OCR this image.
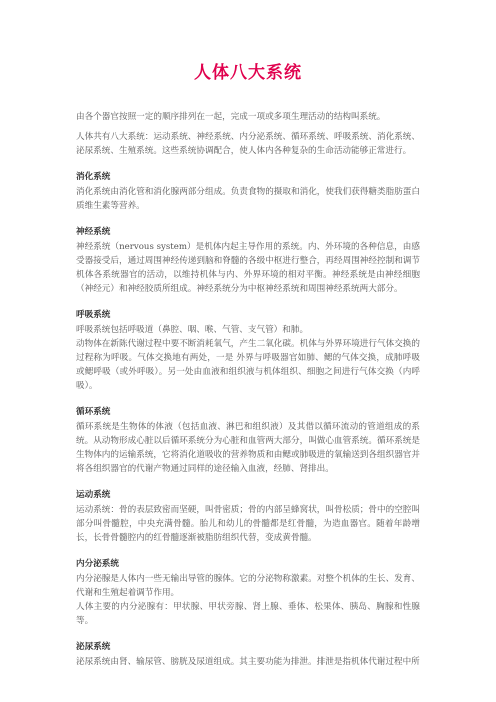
人体八大系统

由各个器官按照一定的顺序排列在一起，完成一项或多项生理活动的结构叫系统。

人体共有八大系统：运动系统、神经系统、内分泌系统、循环系统、呼吸系统、消化系统、泌尿系统、生殖系统。这些系统协调配合，使人体内各种复杂的生命活动能够正常进行。

消化系统

消化系统由消化管和消化腺两部分组成。负责食物的摄取和消化，使我们获得糖类脂肪蛋白质维生素等营养。

神经系统

神经系统（nervous system）是机体内起主导作用的系统。内、外环境的各种信息，由感受器接受后，通过周围神经传递到脑和脊髓的各级中枢进行整合，再经周围神经控制和调节机体各系统器官的活动，以维持机体与内、外界环境的相对平衡。神经系统是由神经细胞（神经元）和神经胶质所组成。神经系统分为中枢神经系统和周围神经系统两大部分。

呼吸系统

呼吸系统包括呼吸道（鼻腔、咽、喉、气管、支气管）和肺。

动物体在新陈代谢过程中要不断消耗氧气，产生二氧化碳。机体与外界环境进行气体交换的过程称为呼吸。气体交换地有两处，一是 外界与呼吸器官如肺、鳃的气体交换，成肺呼吸或鳃呼吸（或外呼吸）。另一处由血液和组织液与机体组织、细胞之间进行气体交换（内呼吸）。

循环系统

循环系统是生物体的体液（包括血液、淋巴和组织液）及其借以循环流动的管道组成的系统。从动物形成心脏以后循环系统分为心脏和血管两大部分，叫做心血管系统。循环系统是生物体内的运输系统，它将消化道吸收的营养物质和由鳃或肺吸进的氧输送到各组织器官并将各组织器官的代谢产物通过同样的途径输入血液，经肺、肾排出。

运动系统

运动系统：骨的表层致密而坚硬，叫骨密质；骨的内部呈蜂窝状，叫骨松质；骨中的空腔叫部分叫骨髓腔，中央充满骨髓。胎儿和幼儿的骨髓都是红骨髓，为造血器官。随着年龄增长，长骨骨髓腔内的红骨髓逐渐被脂肪组织代替，变成黄骨髓。

内分泌系统

内分泌腺是人体内一些无输出导管的腺体。它的分泌物称激素。对整个机体的生长、发育、代谢和生殖起着调节作用。

人体主要的内分泌腺有：甲状腺、甲状旁腺、肾上腺、垂体、松果体、胰岛、胸腺和性腺等。

泌尿系统

泌尿系统由肾、输尿管、膀胱及尿道组成。其主要功能为排泄。排泄是指机体代谢过程中所
